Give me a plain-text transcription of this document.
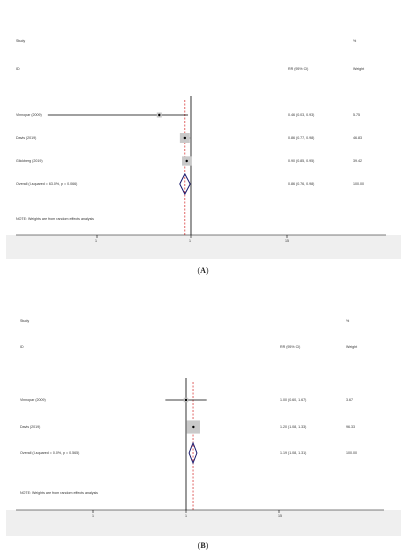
Study
ID	RR (95% CI)
%
Weight
Vinnopar (2009)	0.46 (0.03, 0.93)	5.75
Davis (2019)	0.86 (0.77, 0.98)	46.83
Glickberg (2019)	0.90 (0.85, 0.95)	39.42
Overall (I-squared = 63.0%, p = 0.066)	0.86 (0.76, 0.98)	100.00
NOTE: Weights are from random effects analysis
1	1	15
(A)
Study
ID	RR (95% CI)
%
Weight
Vinnopar (2009)	1.00 (0.60, 1.67)	3.67
Davis (2019)	1.20 (1.08, 1.33)	96.33
Overall (I-squared = 0.0%, p = 0.565)	1.19 (1.08, 1.31)	100.00
NOTE: Weights are from random effects analysis
1	1	15
(B)
